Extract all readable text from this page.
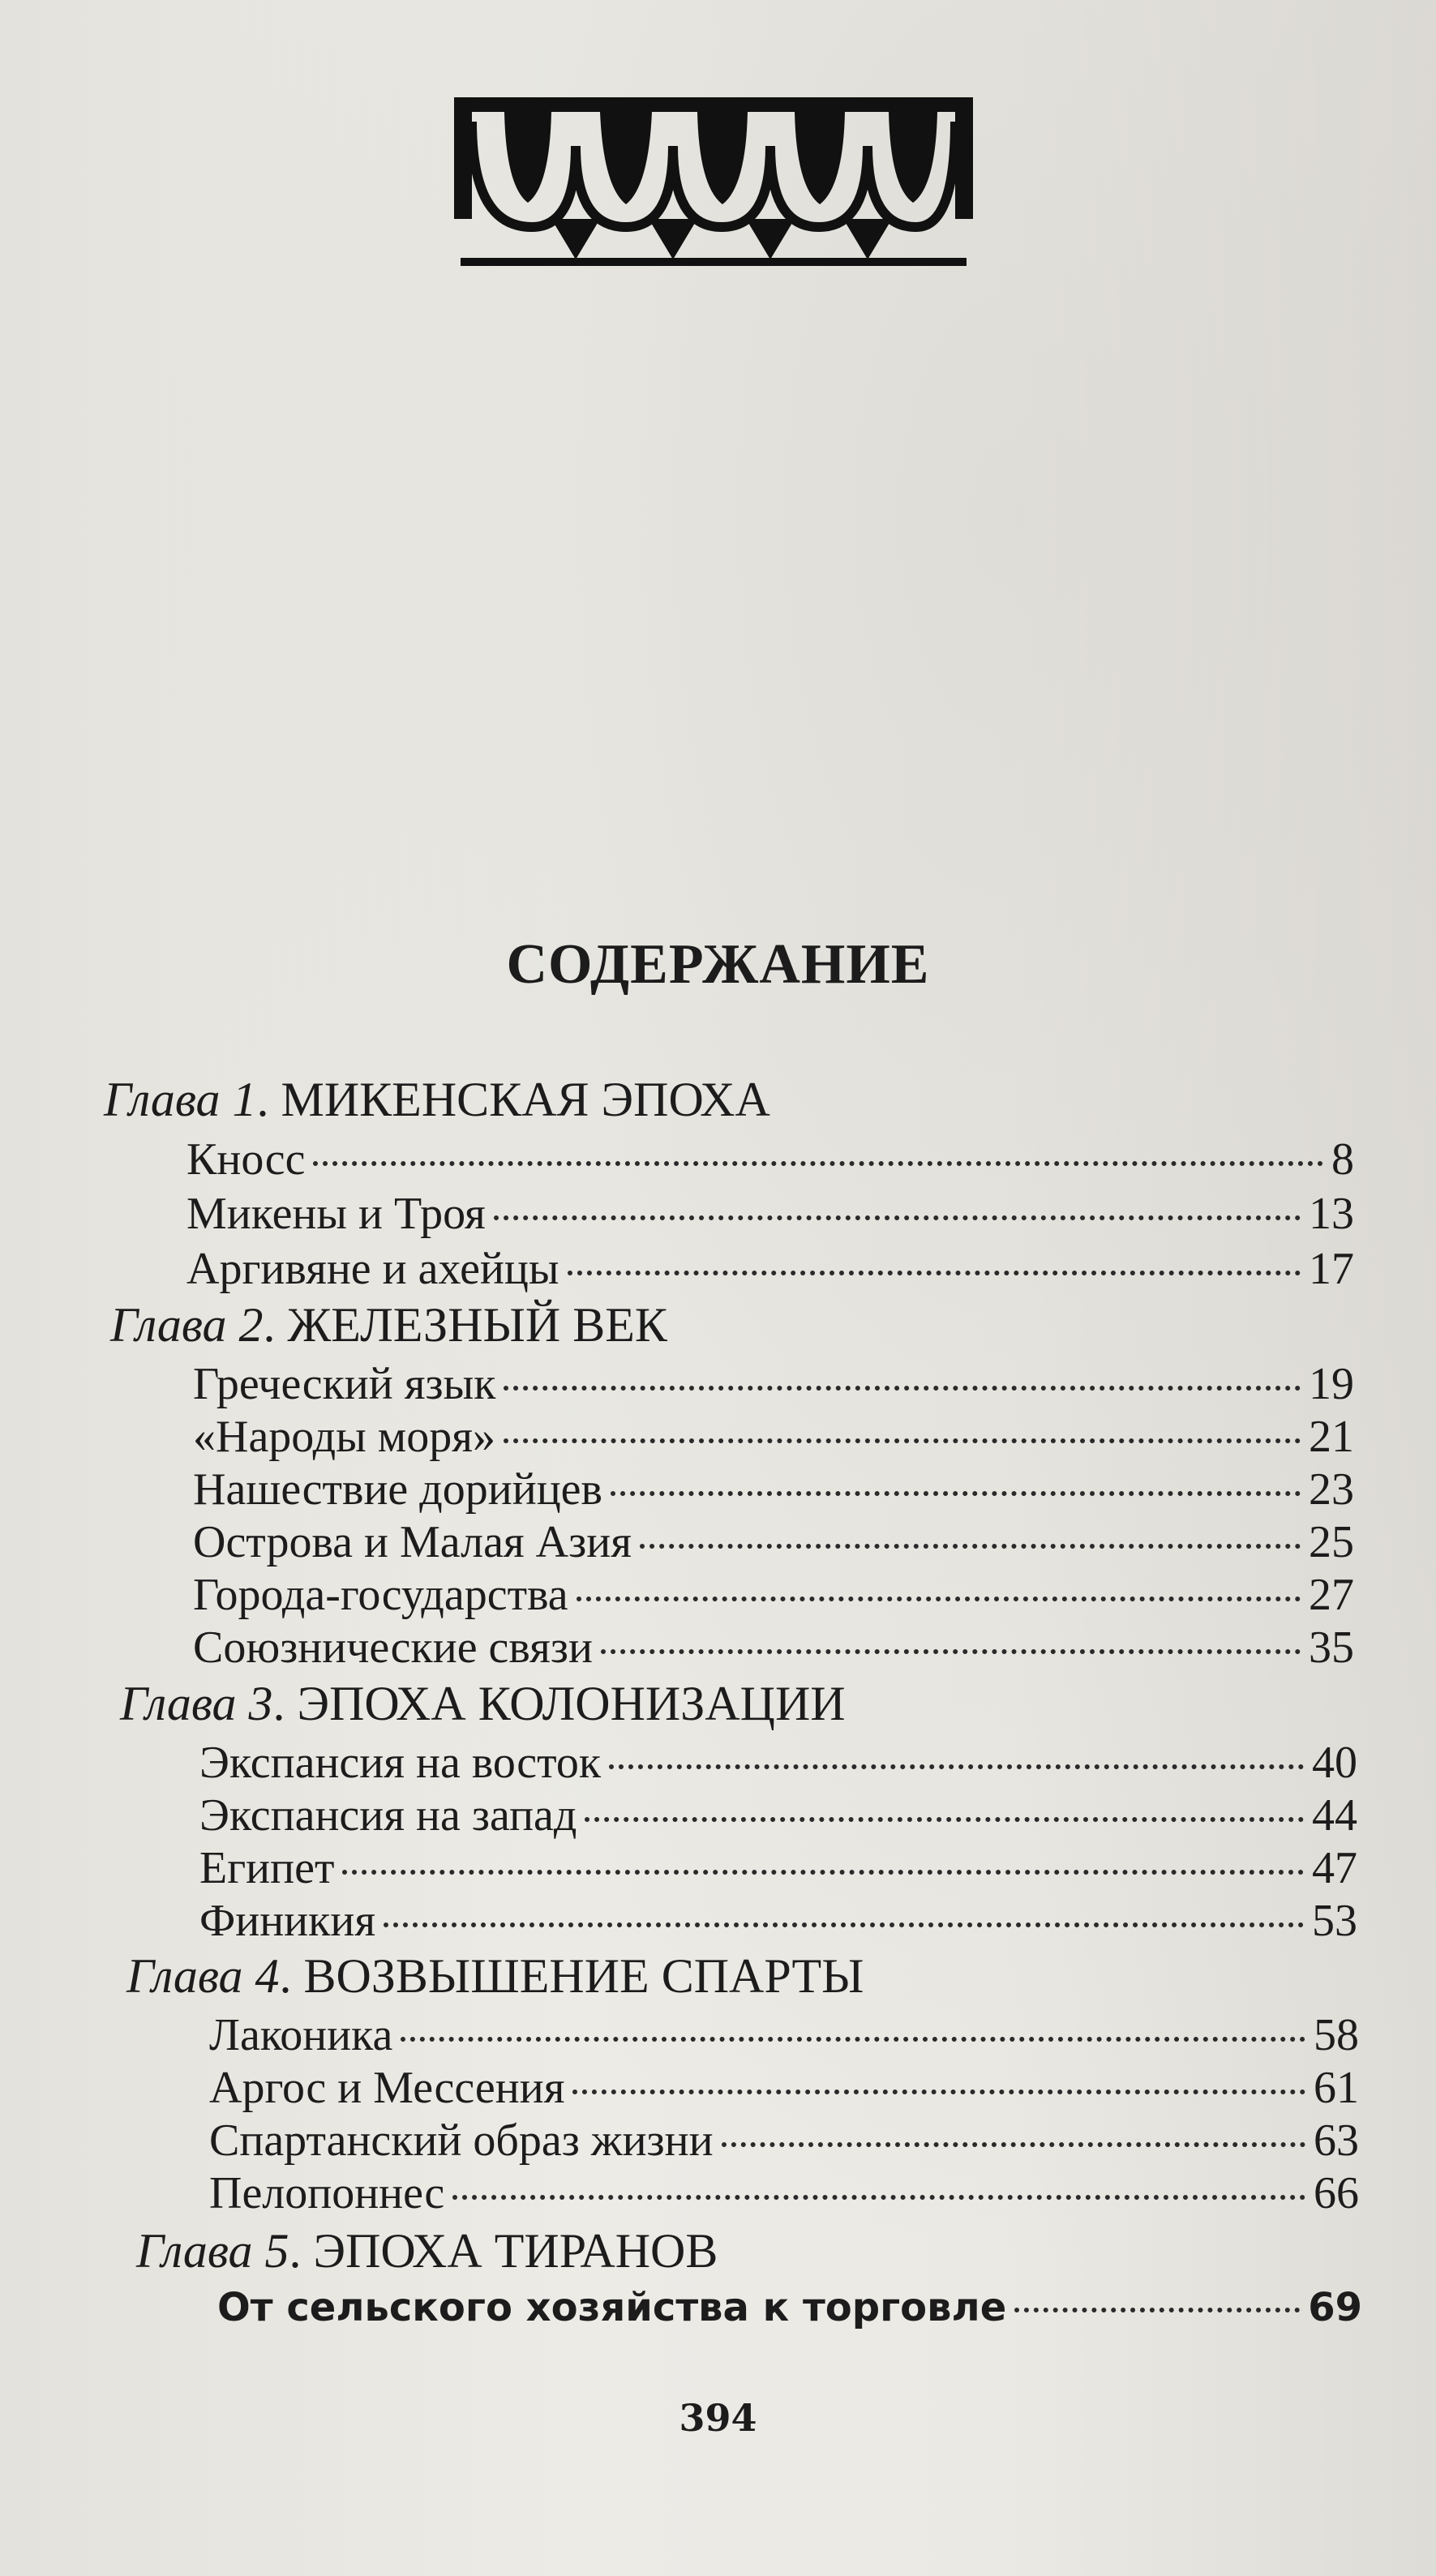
СОДЕРЖАНИЕ
Глава 1. МИКЕНСКАЯ ЭПОХА
Кносс	8
Микены и Троя	13
Аргивяне и ахейцы	17
Глава 2. ЖЕЛЕЗНЫЙ ВЕК
Греческий язык	19
«Народы моря»	21
Нашествие дорийцев	23
Острова и Малая Азия	25
Города-государства	27
Союзнические связи	35
Глава 3. ЭПОХА КОЛОНИЗАЦИИ
Экспансия на восток	40
Экспансия на запад	44
Египет	47
Финикия	53
Глава 4. ВОЗВЫШЕНИЕ СПАРТЫ
Лаконика	58
Аргос и Мессения	61
Спартанский образ жизни	63
Пелопоннес	66
Глава 5. ЭПОХА ТИРАНОВ
От сельского хозяйства к торговле	69
394
